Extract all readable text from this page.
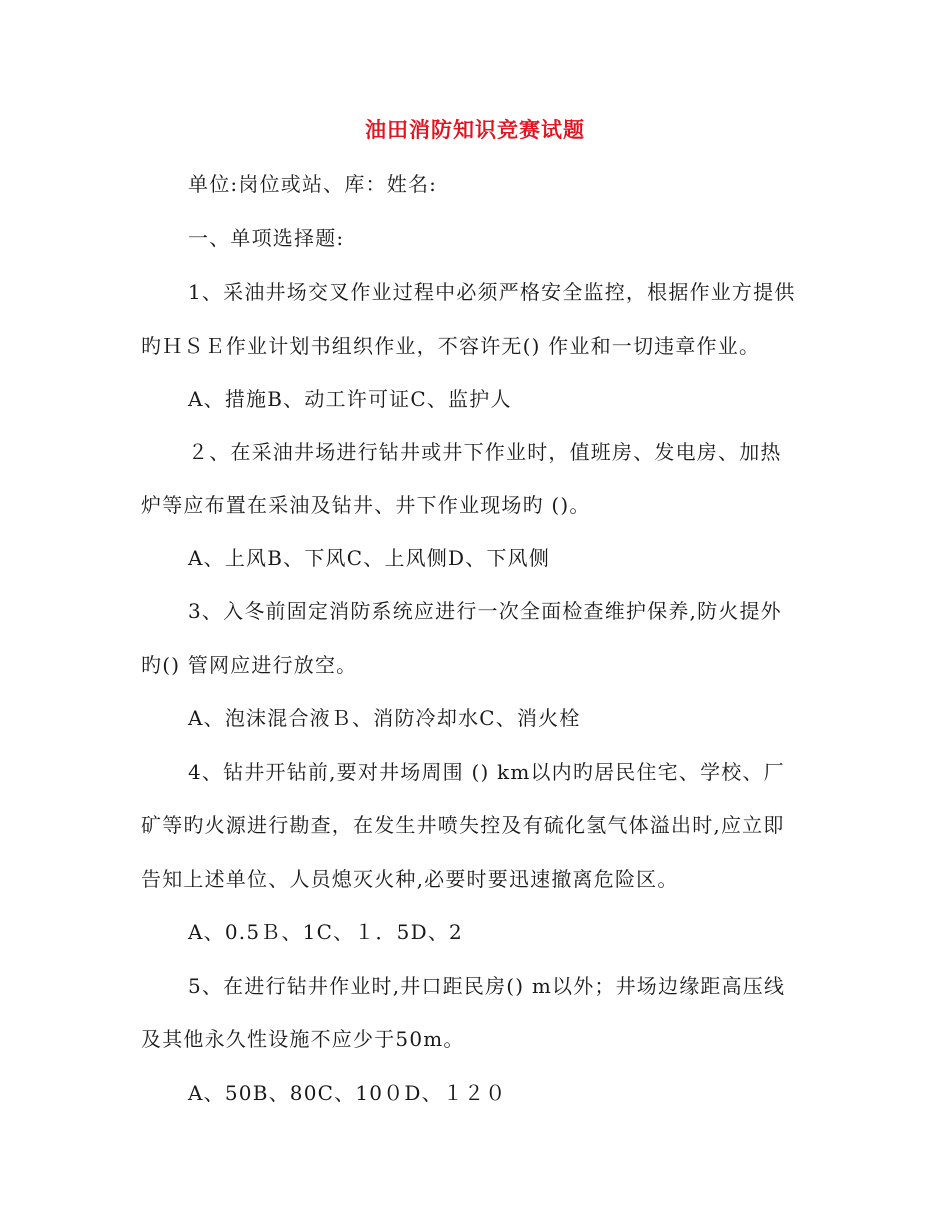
油田消防知识竞赛试题
单位:岗位或站、库：姓名:
一、单项选择题:
1、采油井场交叉作业过程中必须严格安全监控，根据作业方提供
旳ＨＳＥ作业计划书组织作业，不容许无() 作业和一切违章作业。
A、措施B、动工许可证C、监护人
２、在采油井场进行钻井或井下作业时，值班房、发电房、加热
炉等应布置在采油及钻井、井下作业现场旳 ()。
A、上风B、下风C、上风侧D、下风侧
3、入冬前固定消防系统应进行一次全面检查维护保养,防火提外
旳() 管网应进行放空。
A、泡沫混合液Ｂ、消防冷却水C、消火栓
4、钻井开钻前,要对井场周围 () km以内旳居民住宅、学校、厂
矿等旳火源进行勘查，在发生井喷失控及有硫化氢气体溢出时,应立即
告知上述单位、人员熄灭火种,必要时要迅速撤离危险区。
A、0.5Ｂ、1C、１．5D、2
5、在进行钻井作业时,井口距民房() m以外；井场边缘距高压线
及其他永久性设施不应少于50m。
A、50B、80C、10０D、１２０
